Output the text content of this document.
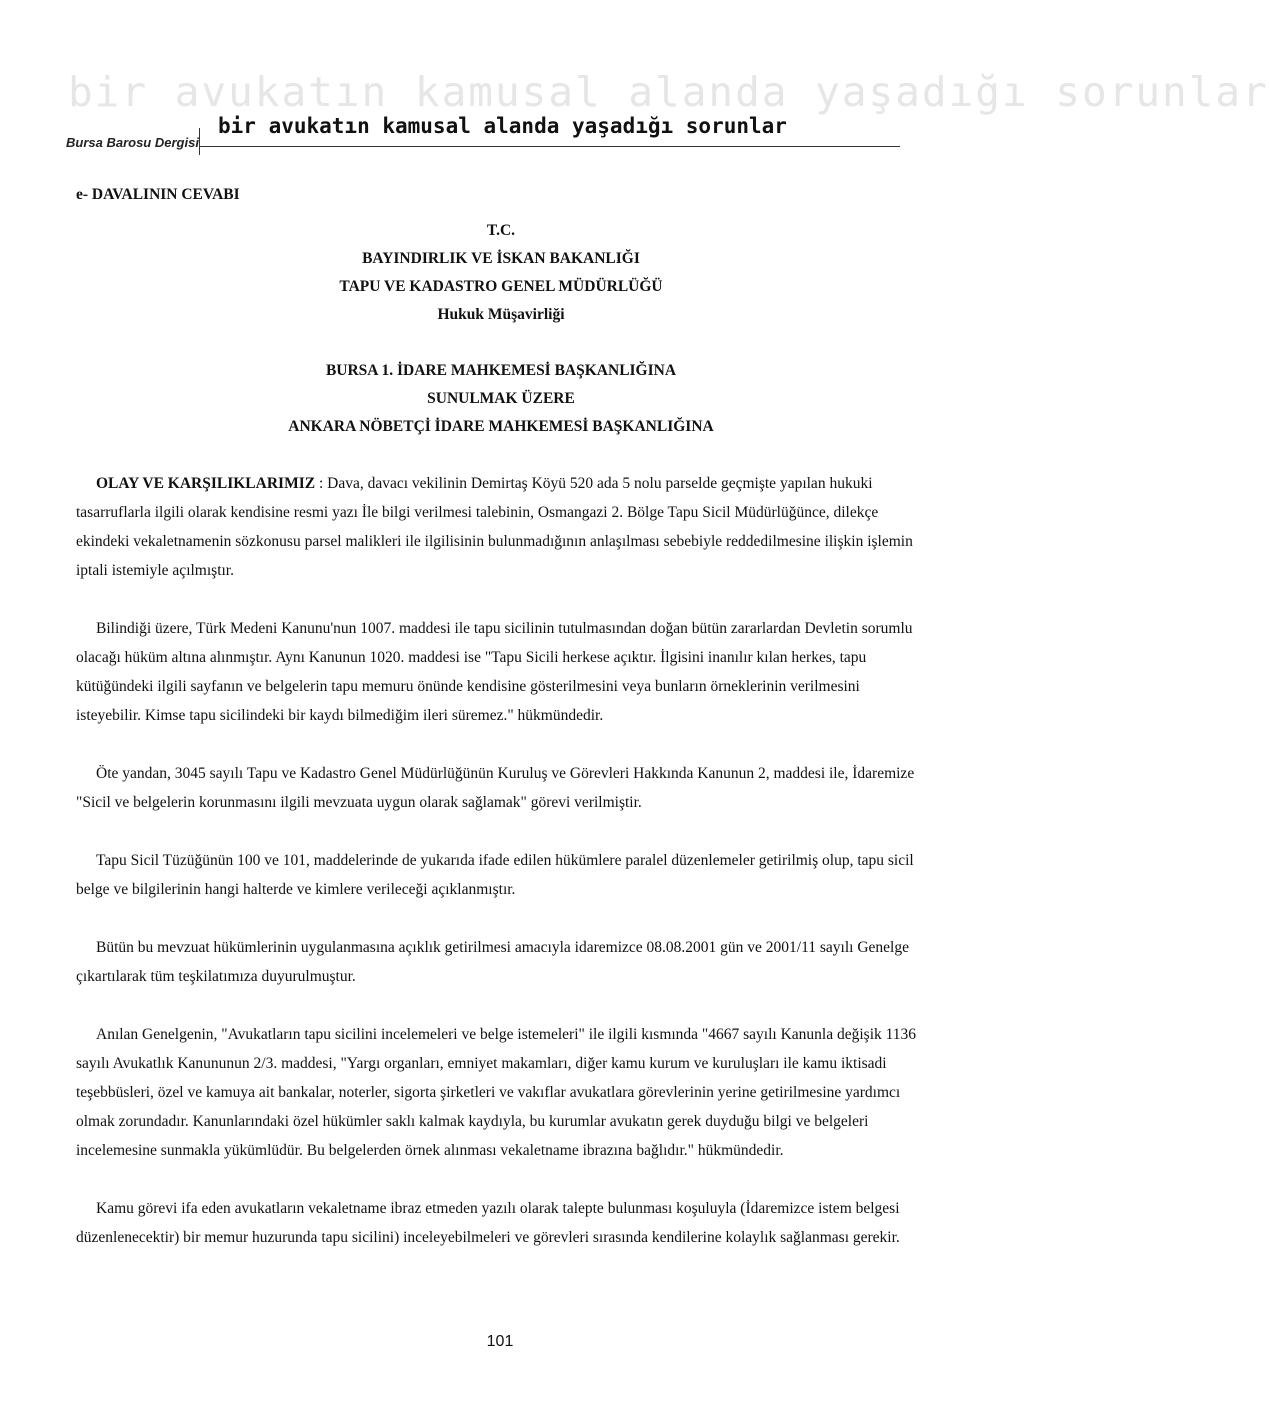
bir avukatın kamusal alanda yaşadığı sorunlar
Bursa Barosu Dergisi
bir avukatın kamusal alanda yaşadığı sorunlar

e- DAVALININ CEVABI

T.C.

BAYINDIRLIK VE İSKAN BAKANLIĞI

TAPU VE KADASTRO GENEL MÜDÜRLÜĞÜ

Hukuk Müşavirliği

BURSA 1. İDARE MAHKEMESİ BAŞKANLIĞINA

SUNULMAK ÜZERE

ANKARA NÖBETÇİ İDARE MAHKEMESİ BAŞKANLIĞINA

OLAY VE KARŞILIKLARIMIZ : Dava, davacı vekilinin Demirtaş Köyü 520 ada 5 nolu parselde geçmişte yapılan hukuki tasarruflarla ilgili olarak kendisine resmi yazı İle bilgi verilmesi talebinin, Osmangazi 2. Bölge Tapu Sicil Müdürlüğünce, dilekçe ekindeki vekaletnamenin sözkonusu parsel malikleri ile ilgilisinin bulunmadığının anlaşılması sebebiyle reddedilmesine ilişkin işlemin iptali istemiyle açılmıştır.

Bilindiği üzere, Türk Medeni Kanunu'nun 1007. maddesi ile tapu sicilinin tutulmasından doğan bütün zararlardan Devletin sorumlu olacağı hüküm altına alınmıştır. Aynı Kanunun 1020. maddesi ise "Tapu Sicili herkese açıktır. İlgisini inanılır kılan herkes, tapu kütüğündeki ilgili sayfanın ve belgelerin tapu memuru önünde kendisine gösterilmesini veya bunların örneklerinin verilmesini isteyebilir. Kimse tapu sicilindeki bir kaydı bilmediğim ileri süremez." hükmündedir.

Öte yandan, 3045 sayılı Tapu ve Kadastro Genel Müdürlüğünün Kuruluş ve Görevleri Hakkında Kanunun 2, maddesi ile, İdaremize "Sicil ve belgelerin korunmasını ilgili mevzuata uygun olarak sağlamak" görevi verilmiştir.

Tapu Sicil Tüzüğünün 100 ve 101, maddelerinde de yukarıda ifade edilen hükümlere paralel düzenlemeler getirilmiş olup, tapu sicil belge ve bilgilerinin hangi halterde ve kimlere verileceği açıklanmıştır.

Bütün bu mevzuat hükümlerinin uygulanmasına açıklık getirilmesi amacıyla idaremizce 08.08.2001 gün ve 2001/11 sayılı Genelge çıkartılarak tüm teşkilatımıza duyurulmuştur.

Anılan Genelgenin, "Avukatların tapu sicilini incelemeleri ve belge istemeleri" ile ilgili kısmında "4667 sayılı Kanunla değişik 1136 sayılı Avukatlık Kanununun 2/3. maddesi, "Yargı organları, emniyet makamları, diğer kamu kurum ve kuruluşları ile kamu iktisadi teşebbüsleri, özel ve kamuya ait bankalar, noterler, sigorta şirketleri ve vakıflar avukatlara görevlerinin yerine getirilmesine yardımcı olmak zorundadır. Kanunlarındaki özel hükümler saklı kalmak kaydıyla, bu kurumlar avukatın gerek duyduğu bilgi ve belgeleri incelemesine sunmakla yükümlüdür. Bu belgelerden örnek alınması vekaletname ibrazına bağlıdır." hükmündedir.

Kamu görevi ifa eden avukatların vekaletname ibraz etmeden yazılı olarak talepte bulunması koşuluyla (İdaremizce istem belgesi düzenlenecektir) bir memur huzurunda tapu sicilini) inceleyebilmeleri ve görevleri sırasında kendilerine kolaylık sağlanması gerekir.

101
